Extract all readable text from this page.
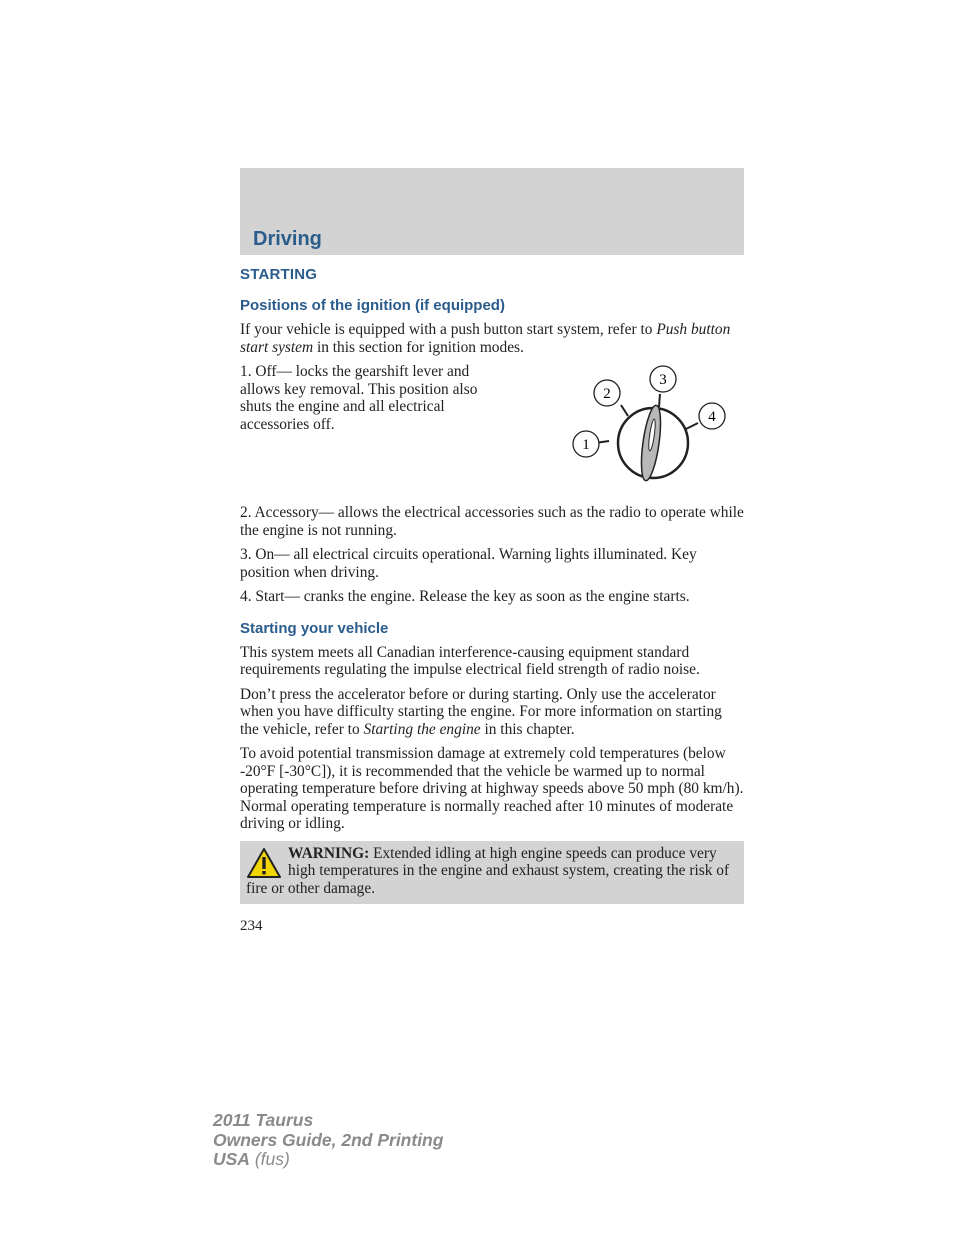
Driving
STARTING
Positions of the ignition (if equipped)

If your vehicle is equipped with a push button start system, refer to Push button start system in this section for ignition modes.

1. Off— locks the gearshift lever and allows key removal. This position also shuts the engine and all electrical accessories off.

1
2
3
4

2. Accessory— allows the electrical accessories such as the radio to operate while the engine is not running.

3. On— all electrical circuits operational. Warning lights illuminated. Key position when driving.

4. Start— cranks the engine. Release the key as soon as the engine starts.

Starting your vehicle

This system meets all Canadian interference-causing equipment standard requirements regulating the impulse electrical field strength of radio noise.

Don’t press the accelerator before or during starting. Only use the accelerator when you have difficulty starting the engine. For more information on starting the vehicle, refer to Starting the engine in this chapter.

To avoid potential transmission damage at extremely cold temperatures (below -20°F [-30°C]), it is recommended that the vehicle be warmed up to normal operating temperature before driving at highway speeds above 50 mph (80 km/h). Normal operating temperature is normally reached after 10 minutes of moderate driving or idling.

WARNING: Extended idling at high engine speeds can produce very high temperatures in the engine and exhaust system, creating the risk of fire or other damage.

234
2011 Taurus
Owners Guide, 2nd Printing
USA (fus)
